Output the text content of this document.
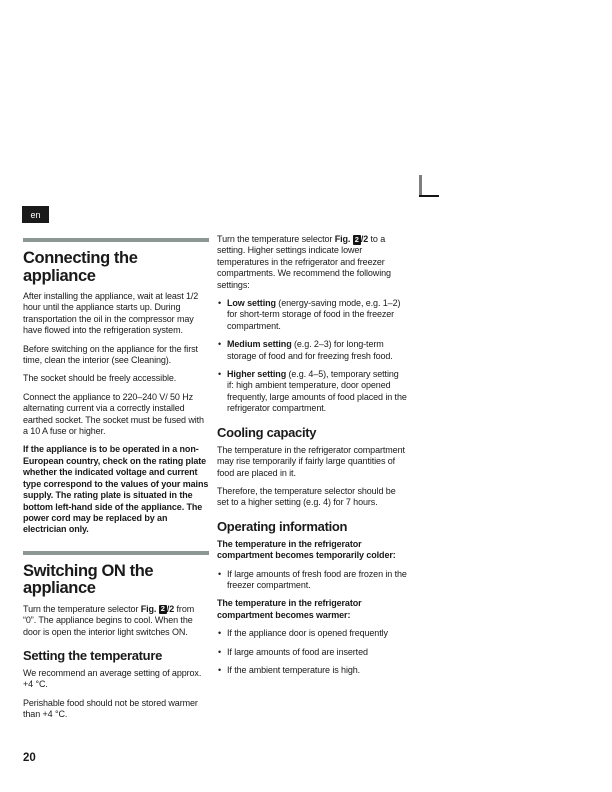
en
Connecting the appliance

After installing the appliance, wait at least 1/2 hour until the appliance starts up. During transportation the oil in the compressor may have flowed into the refrigeration system.

Before switching on the appliance for the first time, clean the interior (see Cleaning).

The socket should be freely accessible.

Connect the appliance to 220–240 V/ 50 Hz alternating current via a correctly installed earthed socket. The socket must be fused with a 10 A fuse or higher.

If the appliance is to be operated in a non-European country, check on the rating plate whether the indicated voltage and current type correspond to the values of your mains supply. The rating plate is situated in the bottom left-hand side of the appliance. The power cord may be replaced by an electrician only.

Switching ON the appliance

Turn the temperature selector Fig. 2 /2 from “0”. The appliance begins to cool. When the door is open the interior light switches ON.

Setting the temperature

We recommend an average setting of approx. +4 °C.

Perishable food should not be stored warmer than +4 °C.

Turn the temperature selector Fig. 2 /2 to a setting. Higher settings indicate lower temperatures in the refrigerator and freezer compartments. We recommend the following settings:

• Low setting (energy-saving mode, e.g. 1–2) for short-term storage of food in the freezer compartment.
• Medium setting (e.g. 2–3) for long-term storage of food and for freezing fresh food.
• Higher setting (e.g. 4–5), temporary setting if: high ambient temperature, door opened frequently, large amounts of food placed in the refrigerator compartment.
Cooling capacity

The temperature in the refrigerator compartment may rise temporarily if fairly large quantities of food are placed in it.

Therefore, the temperature selector should be set to a higher setting (e.g. 4) for 7 hours.

Operating information

The temperature in the refrigerator compartment becomes temporarily colder:

• If large amounts of fresh food are frozen in the freezer compartment.

The temperature in the refrigerator compartment becomes warmer:

• If the appliance door is opened frequently
• If large amounts of food are inserted
• If the ambient temperature is high.
20
